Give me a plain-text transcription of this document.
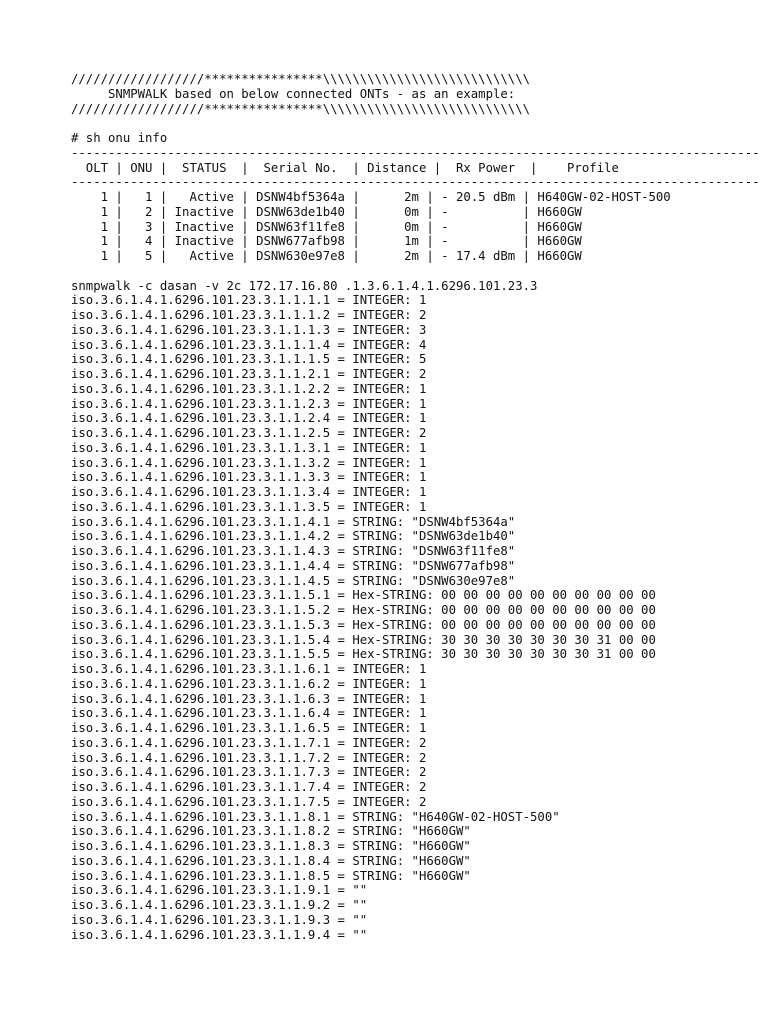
//////////////////****************\\\\\\\\\\\\\\\\\\\\\\\\\\\\
SNMPWALK based on below connected ONTs - as an example:
//////////////////****************\\\\\\\\\\\\\\\\\\\\\\\\\\\\
# sh onu info
---------------------------------------------------------------------------------------------
OLT | ONU |  STATUS  |  Serial No.  | Distance |  Rx Power  |    Profile
---------------------------------------------------------------------------------------------
1 |   1 |   Active | DSNW4bf5364a |      2m | - 20.5 dBm | H640GW-02-HOST-500
1 |   2 | Inactive | DSNW63de1b40 |      0m | -          | H660GW
1 |   3 | Inactive | DSNW63f11fe8 |      0m | -          | H660GW
1 |   4 | Inactive | DSNW677afb98 |      1m | -          | H660GW
1 |   5 |   Active | DSNW630e97e8 |      2m | - 17.4 dBm | H660GW
snmpwalk -c dasan -v 2c 172.17.16.80 .1.3.6.1.4.1.6296.101.23.3
iso.3.6.1.4.1.6296.101.23.3.1.1.1.1 = INTEGER: 1
iso.3.6.1.4.1.6296.101.23.3.1.1.1.2 = INTEGER: 2
iso.3.6.1.4.1.6296.101.23.3.1.1.1.3 = INTEGER: 3
iso.3.6.1.4.1.6296.101.23.3.1.1.1.4 = INTEGER: 4
iso.3.6.1.4.1.6296.101.23.3.1.1.1.5 = INTEGER: 5
iso.3.6.1.4.1.6296.101.23.3.1.1.2.1 = INTEGER: 2
iso.3.6.1.4.1.6296.101.23.3.1.1.2.2 = INTEGER: 1
iso.3.6.1.4.1.6296.101.23.3.1.1.2.3 = INTEGER: 1
iso.3.6.1.4.1.6296.101.23.3.1.1.2.4 = INTEGER: 1
iso.3.6.1.4.1.6296.101.23.3.1.1.2.5 = INTEGER: 2
iso.3.6.1.4.1.6296.101.23.3.1.1.3.1 = INTEGER: 1
iso.3.6.1.4.1.6296.101.23.3.1.1.3.2 = INTEGER: 1
iso.3.6.1.4.1.6296.101.23.3.1.1.3.3 = INTEGER: 1
iso.3.6.1.4.1.6296.101.23.3.1.1.3.4 = INTEGER: 1
iso.3.6.1.4.1.6296.101.23.3.1.1.3.5 = INTEGER: 1
iso.3.6.1.4.1.6296.101.23.3.1.1.4.1 = STRING: "DSNW4bf5364a"
iso.3.6.1.4.1.6296.101.23.3.1.1.4.2 = STRING: "DSNW63de1b40"
iso.3.6.1.4.1.6296.101.23.3.1.1.4.3 = STRING: "DSNW63f11fe8"
iso.3.6.1.4.1.6296.101.23.3.1.1.4.4 = STRING: "DSNW677afb98"
iso.3.6.1.4.1.6296.101.23.3.1.1.4.5 = STRING: "DSNW630e97e8"
iso.3.6.1.4.1.6296.101.23.3.1.1.5.1 = Hex-STRING: 00 00 00 00 00 00 00 00 00 00
iso.3.6.1.4.1.6296.101.23.3.1.1.5.2 = Hex-STRING: 00 00 00 00 00 00 00 00 00 00
iso.3.6.1.4.1.6296.101.23.3.1.1.5.3 = Hex-STRING: 00 00 00 00 00 00 00 00 00 00
iso.3.6.1.4.1.6296.101.23.3.1.1.5.4 = Hex-STRING: 30 30 30 30 30 30 30 31 00 00
iso.3.6.1.4.1.6296.101.23.3.1.1.5.5 = Hex-STRING: 30 30 30 30 30 30 30 31 00 00
iso.3.6.1.4.1.6296.101.23.3.1.1.6.1 = INTEGER: 1
iso.3.6.1.4.1.6296.101.23.3.1.1.6.2 = INTEGER: 1
iso.3.6.1.4.1.6296.101.23.3.1.1.6.3 = INTEGER: 1
iso.3.6.1.4.1.6296.101.23.3.1.1.6.4 = INTEGER: 1
iso.3.6.1.4.1.6296.101.23.3.1.1.6.5 = INTEGER: 1
iso.3.6.1.4.1.6296.101.23.3.1.1.7.1 = INTEGER: 2
iso.3.6.1.4.1.6296.101.23.3.1.1.7.2 = INTEGER: 2
iso.3.6.1.4.1.6296.101.23.3.1.1.7.3 = INTEGER: 2
iso.3.6.1.4.1.6296.101.23.3.1.1.7.4 = INTEGER: 2
iso.3.6.1.4.1.6296.101.23.3.1.1.7.5 = INTEGER: 2
iso.3.6.1.4.1.6296.101.23.3.1.1.8.1 = STRING: "H640GW-02-HOST-500"
iso.3.6.1.4.1.6296.101.23.3.1.1.8.2 = STRING: "H660GW"
iso.3.6.1.4.1.6296.101.23.3.1.1.8.3 = STRING: "H660GW"
iso.3.6.1.4.1.6296.101.23.3.1.1.8.4 = STRING: "H660GW"
iso.3.6.1.4.1.6296.101.23.3.1.1.8.5 = STRING: "H660GW"
iso.3.6.1.4.1.6296.101.23.3.1.1.9.1 = ""
iso.3.6.1.4.1.6296.101.23.3.1.1.9.2 = ""
iso.3.6.1.4.1.6296.101.23.3.1.1.9.3 = ""
iso.3.6.1.4.1.6296.101.23.3.1.1.9.4 = ""
